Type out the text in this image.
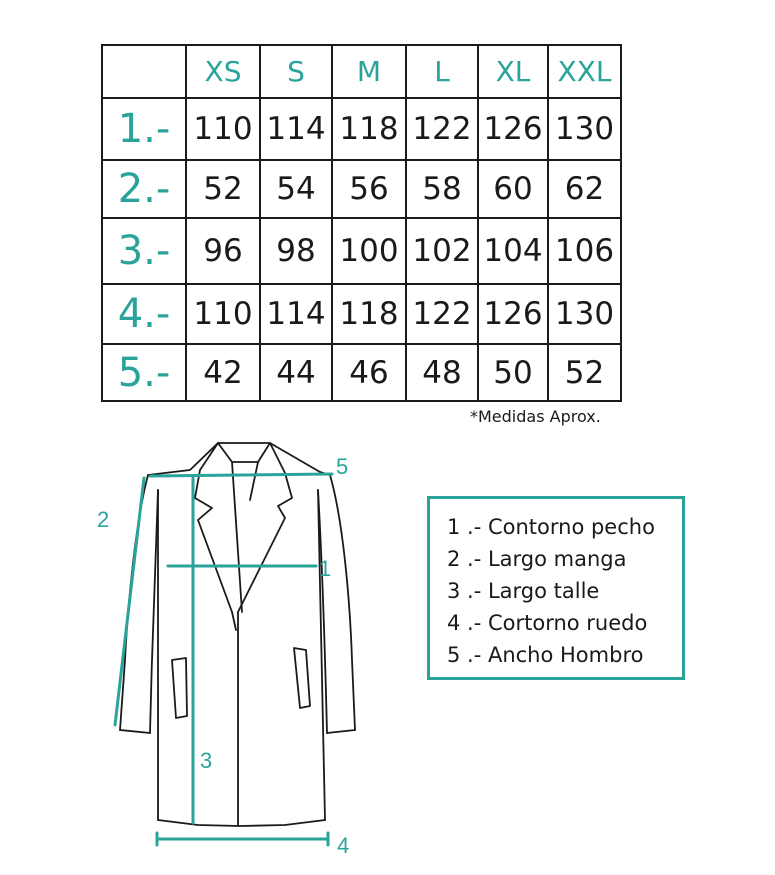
	XS	S	M	L	XL	XXL
1.-	110	114	118	122	126	130
2.-	52	54	56	58	60	62
3.-	96	98	100	102	104	106
4.-	110	114	118	122	126	130
5.-	42	44	46	48	50	52
*Medidas Aprox.
1
2
3
4
5
1 .- Contorno pecho
2 .- Largo manga
3 .- Largo talle
4 .- Cortorno ruedo
5 .- Ancho Hombro
